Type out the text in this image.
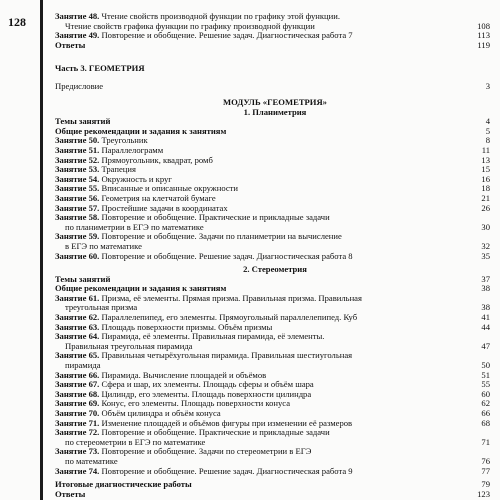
128	Занятие 48. Чтение свойств производной функции по графику этой функции.
Чтение свойств графика функции по графику производной функции	108
Занятие 49. Повторение и обобщение. Решение задач. Диагностическая работа 7	113
Ответы	119
Часть 3. ГЕОМЕТРИЯ
Предисловие	3
МОДУЛЬ «ГЕОМЕТРИЯ»
1. Планиметрия
Темы занятий	4
Общие рекомендации и задания к занятиям	5
Занятие 50. Треугольник	8
Занятие 51. Параллелограмм	11
Занятие 52. Прямоугольник, квадрат, ромб	13
Занятие 53. Трапеция	15
Занятие 54. Окружность и круг	16
Занятие 55. Вписанные и описанные окружности	18
Занятие 56. Геометрия на клетчатой бумаге	21
Занятие 57. Простейшие задачи в координатах	26
Занятие 58. Повторение и обобщение. Практические и прикладные задачи
по планиметрии в ЕГЭ по математике	30
Занятие 59. Повторение и обобщение. Задачи по планиметрии на вычисление
в ЕГЭ по математике	32
Занятие 60. Повторение и обобщение. Решение задач. Диагностическая работа 8	35
2. Стереометрия
Темы занятий	37
Общие рекомендации и задания к занятиям	38
Занятие 61. Призма, её элементы. Прямая призма. Правильная призма. Правильная
треугольная призма	38
Занятие 62. Параллелепипед, его элементы. Прямоугольный параллелепипед. Куб	41
Занятие 63. Площадь поверхности призмы. Объём призмы	44
Занятие 64. Пирамида, её элементы. Правильная пирамида, её элементы.
Правильная треугольная пирамида	47
Занятие 65. Правильная четырёхугольная пирамида. Правильная шестиугольная
пирамида	50
Занятие 66. Пирамида. Вычисление площадей и объёмов	51
Занятие 67. Сфера и шар, их элементы. Площадь сферы и объём шара	55
Занятие 68. Цилиндр, его элементы. Площадь поверхности цилиндра	60
Занятие 69. Конус, его элементы. Площадь поверхности конуса	62
Занятие 70. Объём цилиндра и объём конуса	66
Занятие 71. Изменение площадей и объёмов фигуры при изменении её размеров	68
Занятие 72. Повторение и обобщение. Практические и прикладные задачи
по стереометрии в ЕГЭ по математике	71
Занятие 73. Повторение и обобщение. Задачи по стереометрии в ЕГЭ
по математике	76
Занятие 74. Повторение и обобщение. Решение задач. Диагностическая работа 9	77
Итоговые диагностические работы	79
Ответы	123
